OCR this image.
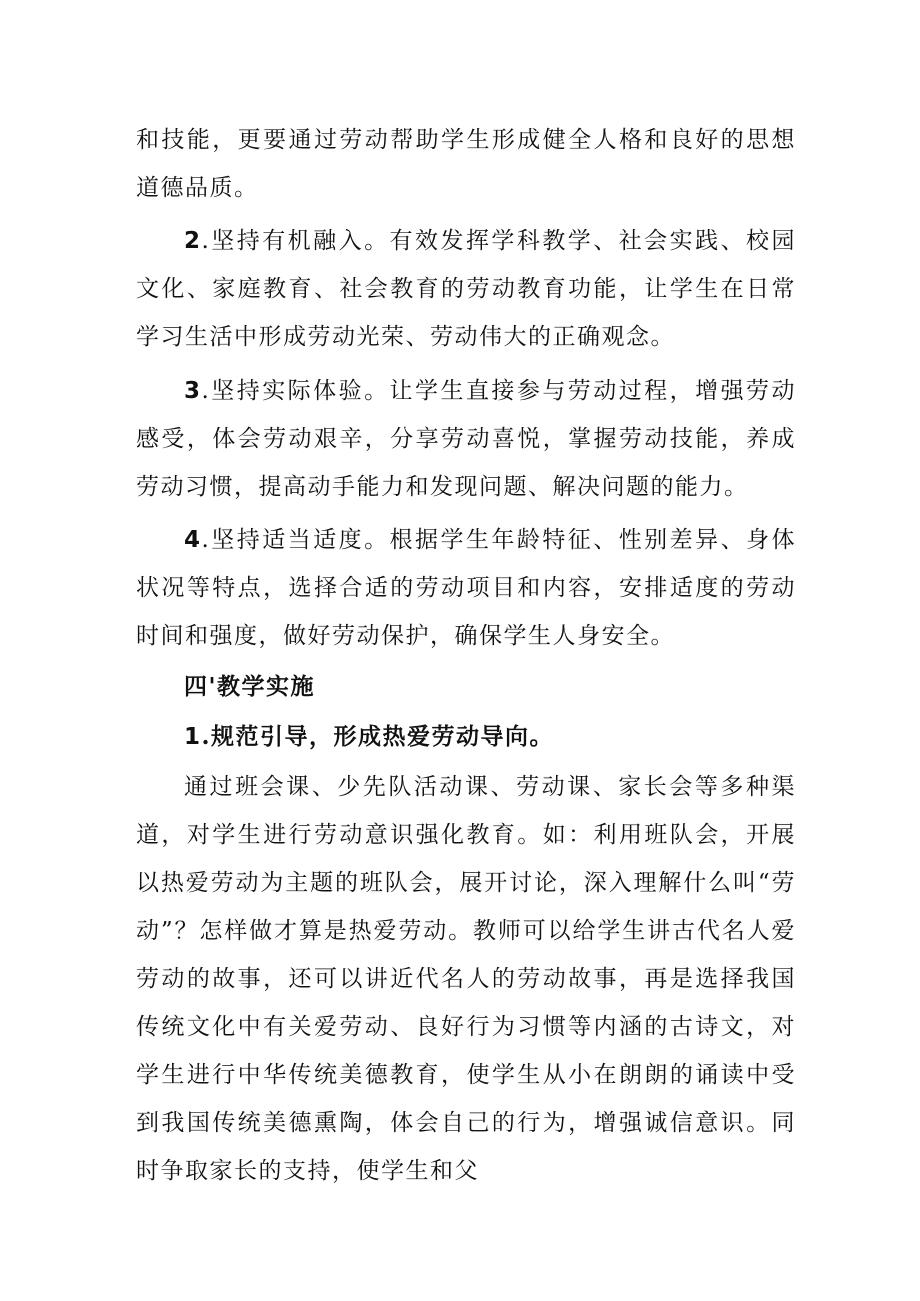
和技能，更要通过劳动帮助学生形成健全人格和良好的思想道德品质。

2.坚持有机融入。有效发挥学科教学、社会实践、校园文化、家庭教育、社会教育的劳动教育功能，让学生在日常学习生活中形成劳动光荣、劳动伟大的正确观念。

3.坚持实际体验。让学生直接参与劳动过程，增强劳动感受，体会劳动艰辛，分享劳动喜悦，掌握劳动技能，养成劳动习惯，提高动手能力和发现问题、解决问题的能力。

4.坚持适当适度。根据学生年龄特征、性别差异、身体状况等特点，选择合适的劳动项目和内容，安排适度的劳动时间和强度，做好劳动保护，确保学生人身安全。

四'教学实施

1.规范引导，形成热爱劳动导向。

通过班会课、少先队活动课、劳动课、家长会等多种渠道，对学生进行劳动意识强化教育。如：利用班队会，开展以热爱劳动为主题的班队会，展开讨论，深入理解什么叫“劳动”？怎样做才算是热爱劳动。教师可以给学生讲古代名人爱劳动的故事，还可以讲近代名人的劳动故事，再是选择我国传统文化中有关爱劳动、良好行为习惯等内涵的古诗文，对学生进行中华传统美德教育，使学生从小在朗朗的诵读中受到我国传统美德熏陶，体会自己的行为，增强诚信意识。同时争取家长的支持，使学生和父
